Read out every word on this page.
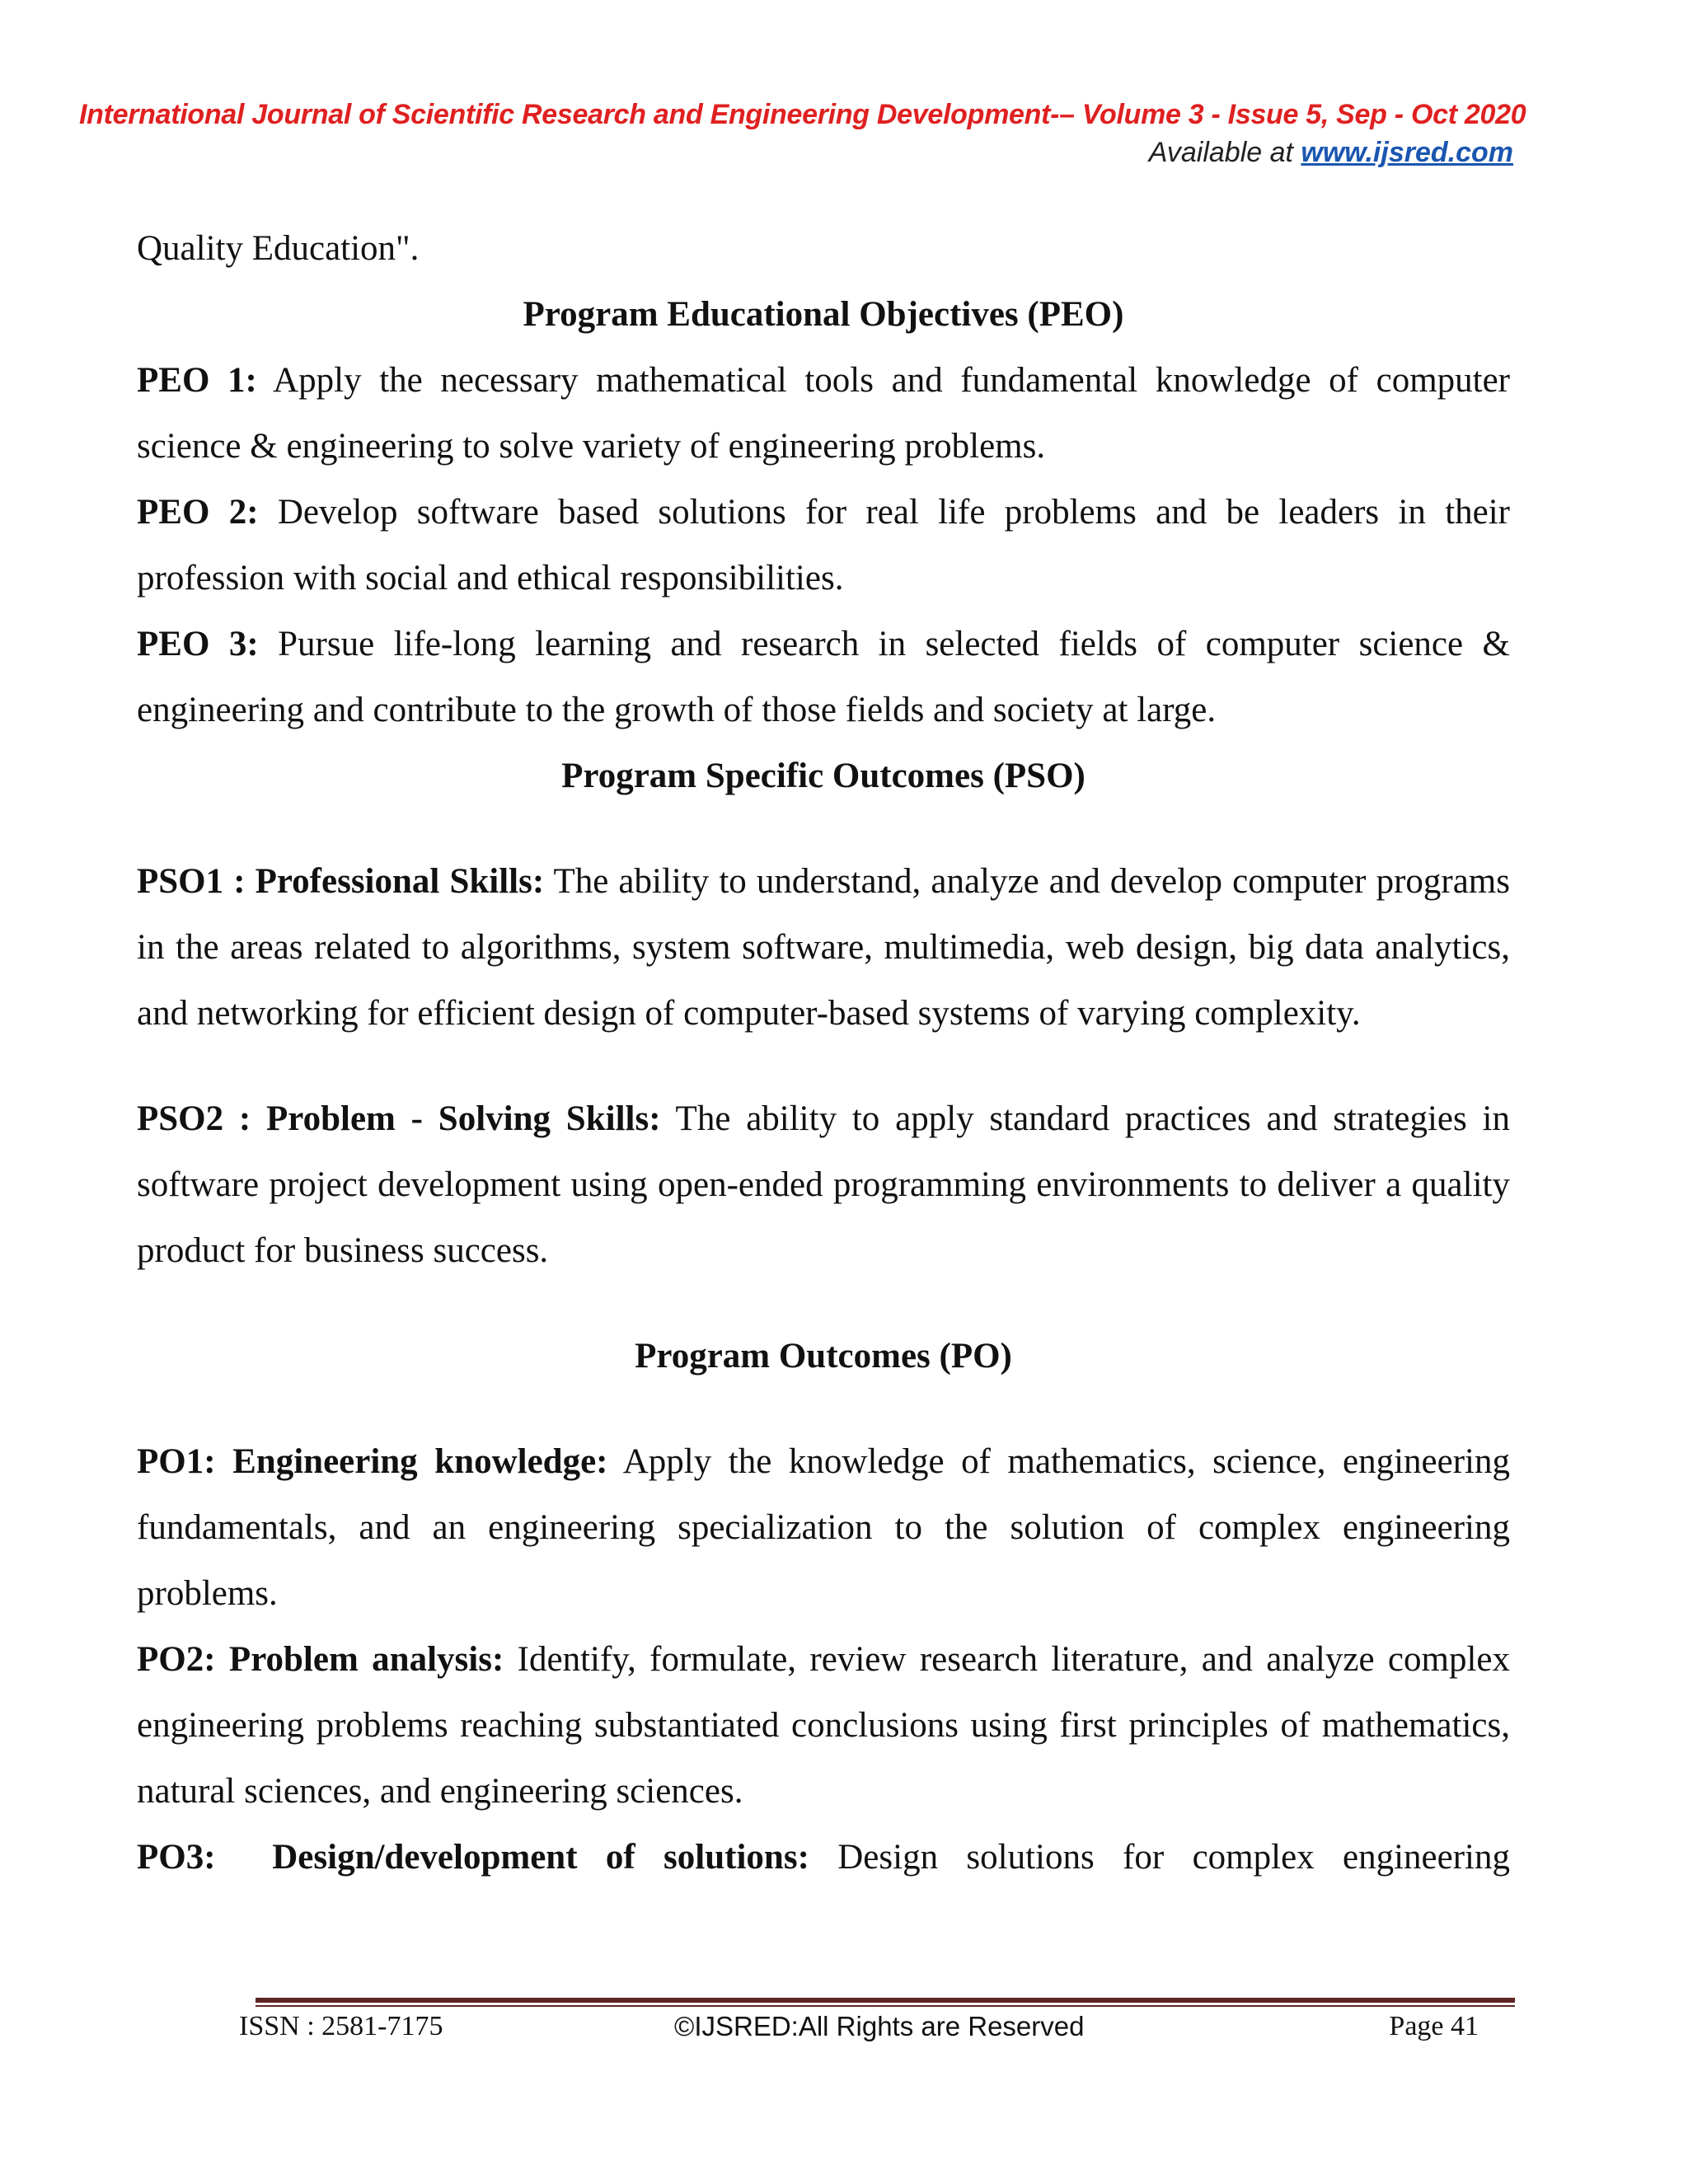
International Journal of Scientific Research and Engineering Development-– Volume 3 - Issue 5, Sep - Oct 2020
Available at www.ijsred.com

Quality Education".

Program Educational Objectives (PEO)

PEO 1: Apply the necessary mathematical tools and fundamental knowledge of computer science & engineering to solve variety of engineering problems.

PEO 2: Develop software based solutions for real life problems and be leaders in their profession with social and ethical responsibilities.

PEO 3: Pursue life-long learning and research in selected fields of computer science & engineering and contribute to the growth of those fields and society at large.

Program Specific Outcomes (PSO)

PSO1 : Professional Skills: The ability to understand, analyze and develop computer programs in the areas related to algorithms, system software, multimedia, web design, big data analytics, and networking for efficient design of computer-based systems of varying complexity.

PSO2 : Problem - Solving Skills: The ability to apply standard practices and strategies in software project development using open-ended programming environments to deliver a quality product for business success.

Program Outcomes (PO)

PO1: Engineering knowledge: Apply the knowledge of mathematics, science, engineering fundamentals, and an engineering specialization to the solution of complex engineering problems.

PO2: Problem analysis: Identify, formulate, review research literature, and analyze complex engineering problems reaching substantiated conclusions using first principles of mathematics, natural sciences, and engineering sciences.

PO3:  Design/development of solutions: Design solutions for complex engineering

ISSN : 2581-7175	©IJSRED:All Rights are Reserved	Page 41
